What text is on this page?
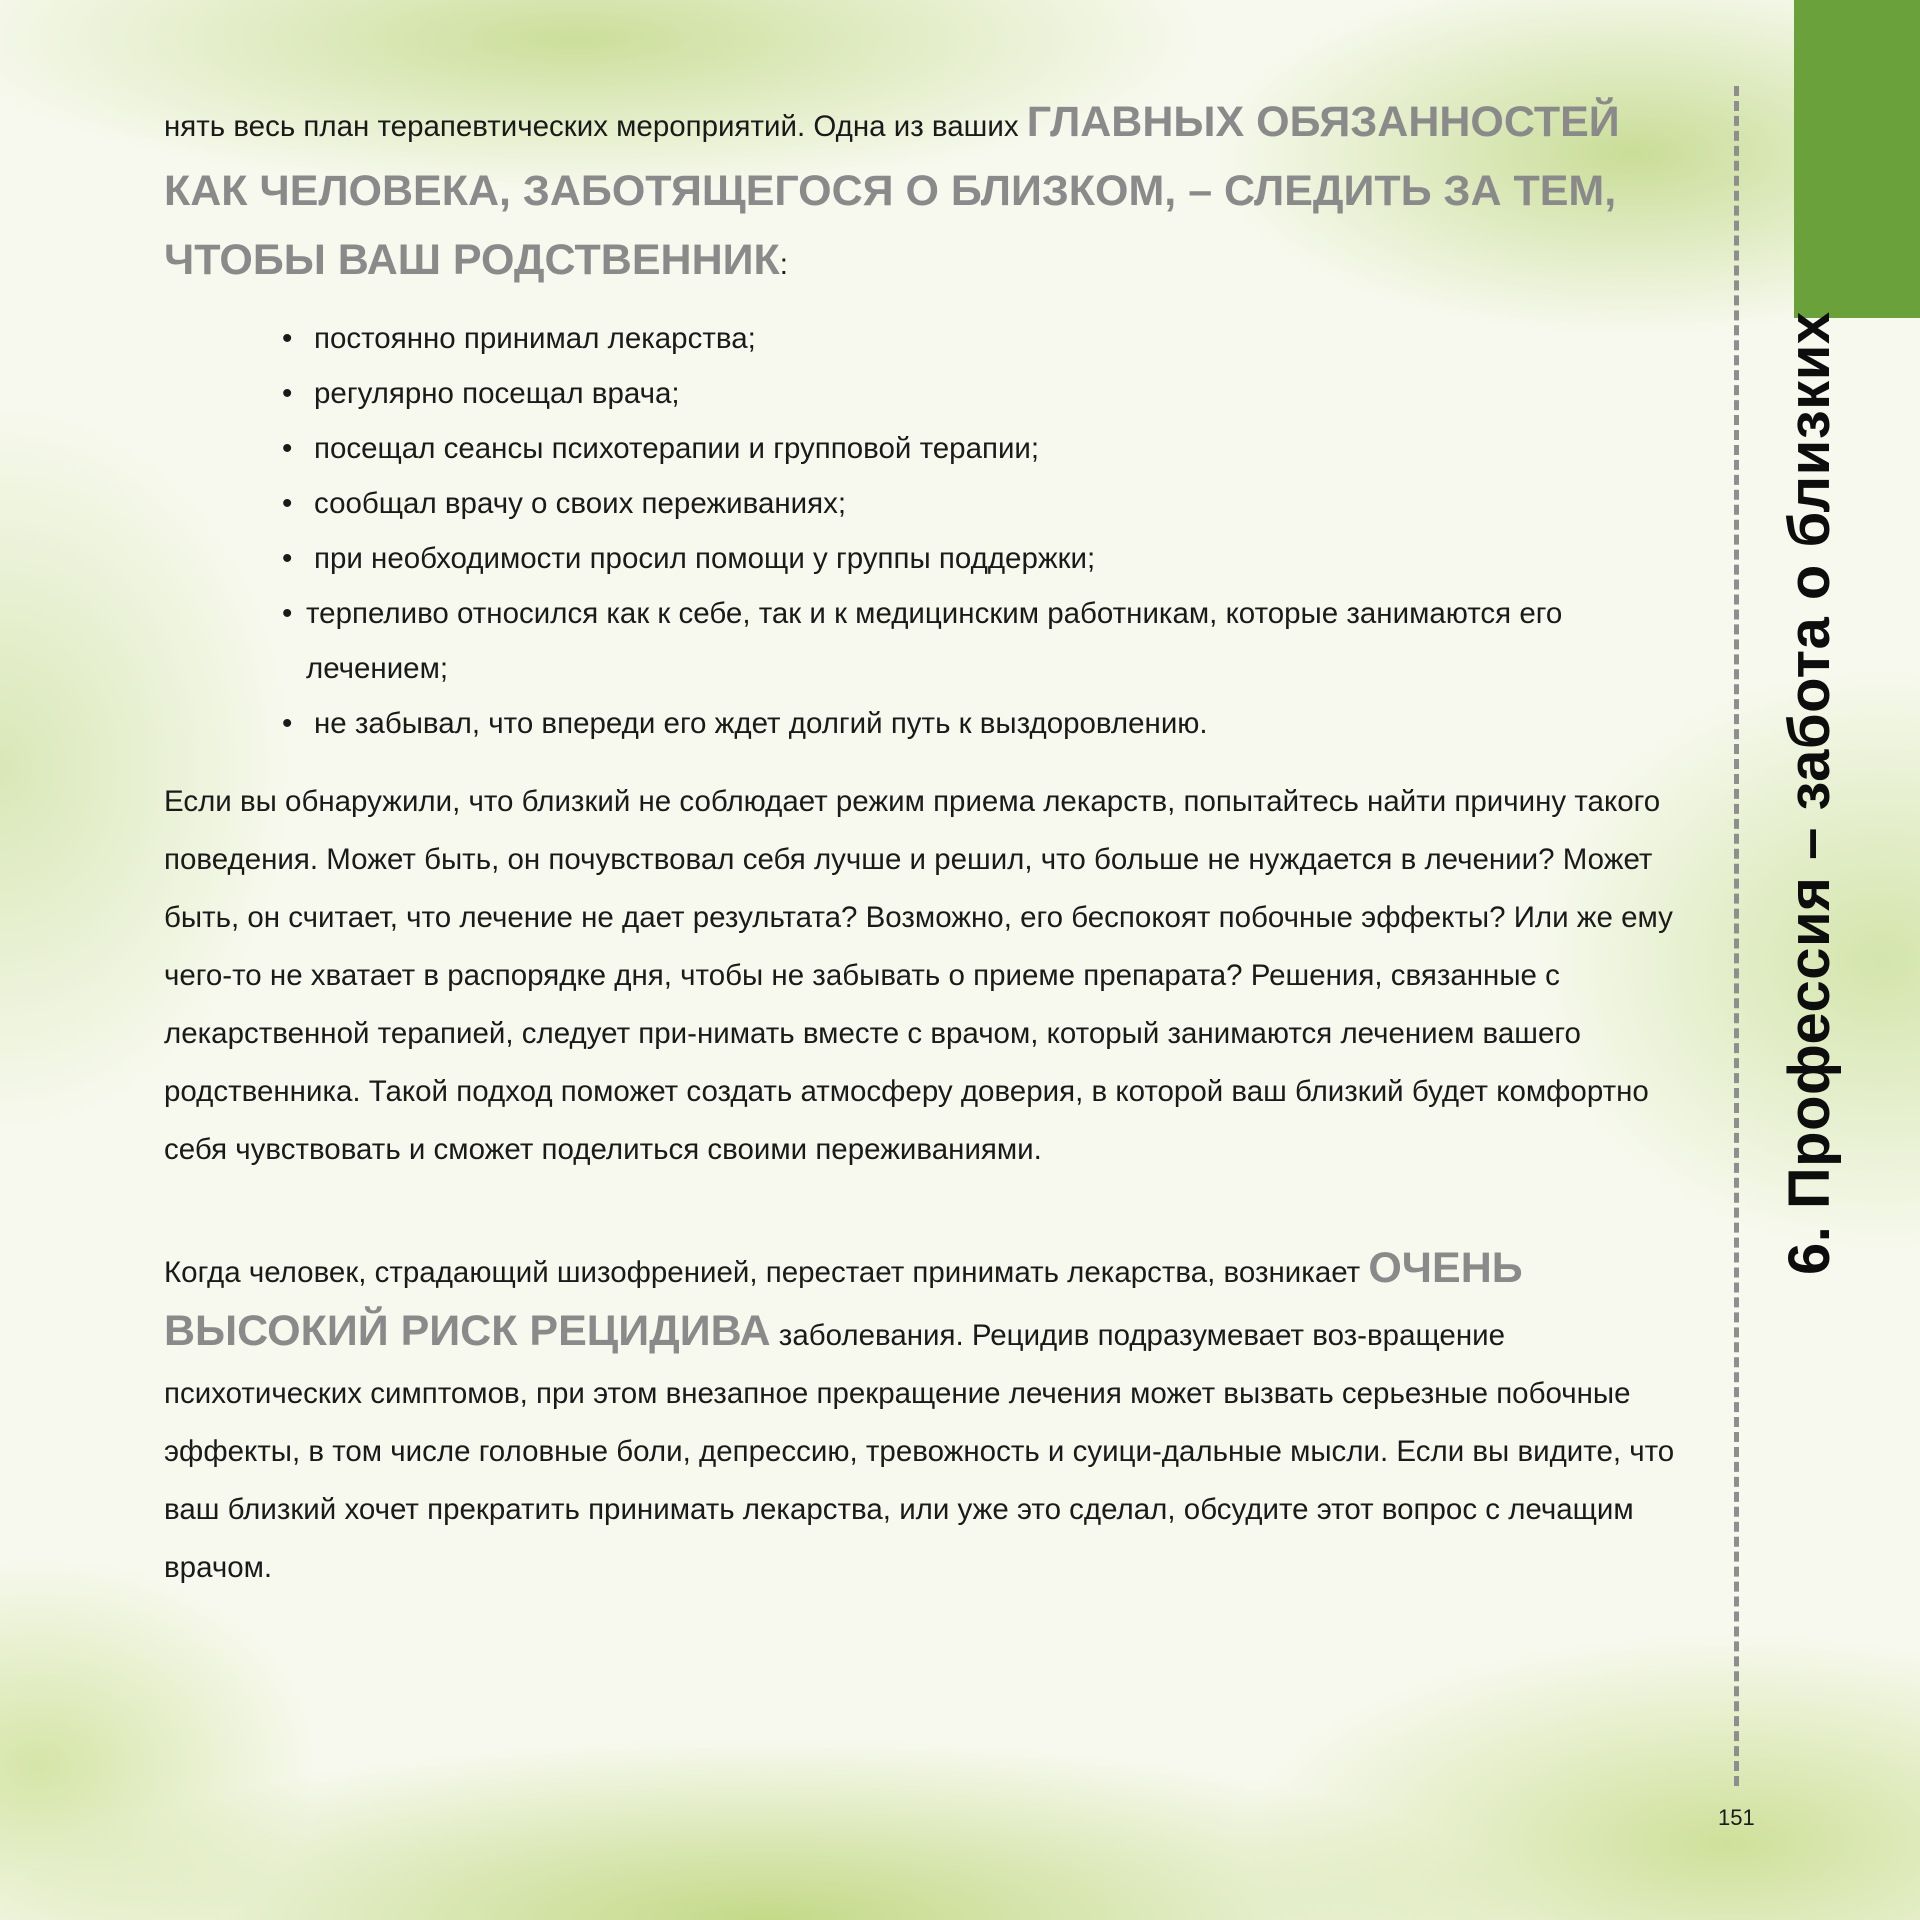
6. Профессия – забота о близких

нять весь план терапевтических мероприятий. Одна из ваших ГЛАВНЫХ ОБЯЗАННОСТЕЙ КАК ЧЕЛОВЕКА, ЗАБОТЯЩЕГОСЯ О БЛИЗКОМ, – СЛЕДИТЬ ЗА ТЕМ, ЧТОБЫ ВАШ РОДСТВЕННИК:

• постоянно принимал лекарства;
• регулярно посещал врача;
• посещал сеансы психотерапии и групповой терапии;
• сообщал врачу о своих переживаниях;
• при необходимости просил помощи у группы поддержки;
• терпеливо относился как к себе, так и к медицинским работникам, которые занимаются его лечением;
• не забывал, что впереди его ждет долгий путь к выздоровлению.

Если вы обнаружили, что близкий не соблюдает режим приема лекарств, попытайтесь найти причину такого поведения. Может быть, он почувствовал себя лучше и решил, что больше не нуждается в лечении? Может быть, он считает, что лечение не дает результата? Возможно, его беспокоят побочные эффекты? Или же ему чего-то не хватает в распорядке дня, чтобы не забывать о приеме препарата? Решения, связанные с лекарственной терапией, следует при-нимать вместе с врачом, который занимаются лечением вашего родственника. Такой подход поможет создать атмосферу доверия, в которой ваш близкий будет комфортно себя чувствовать и сможет поделиться своими переживаниями.

Когда человек, страдающий шизофренией, перестает принимать лекарства, возникает ОЧЕНЬ ВЫСОКИЙ РИСК РЕЦИДИВА заболевания. Рецидив подразумевает воз-вращение психотических симптомов, при этом внезапное прекращение лечения может вызвать серьезные побочные эффекты, в том числе головные боли, депрессию, тревожность и суици-дальные мысли. Если вы видите, что ваш близкий хочет прекратить принимать лекарства, или уже это сделал, обсудите этот вопрос с лечащим врачом.

151
